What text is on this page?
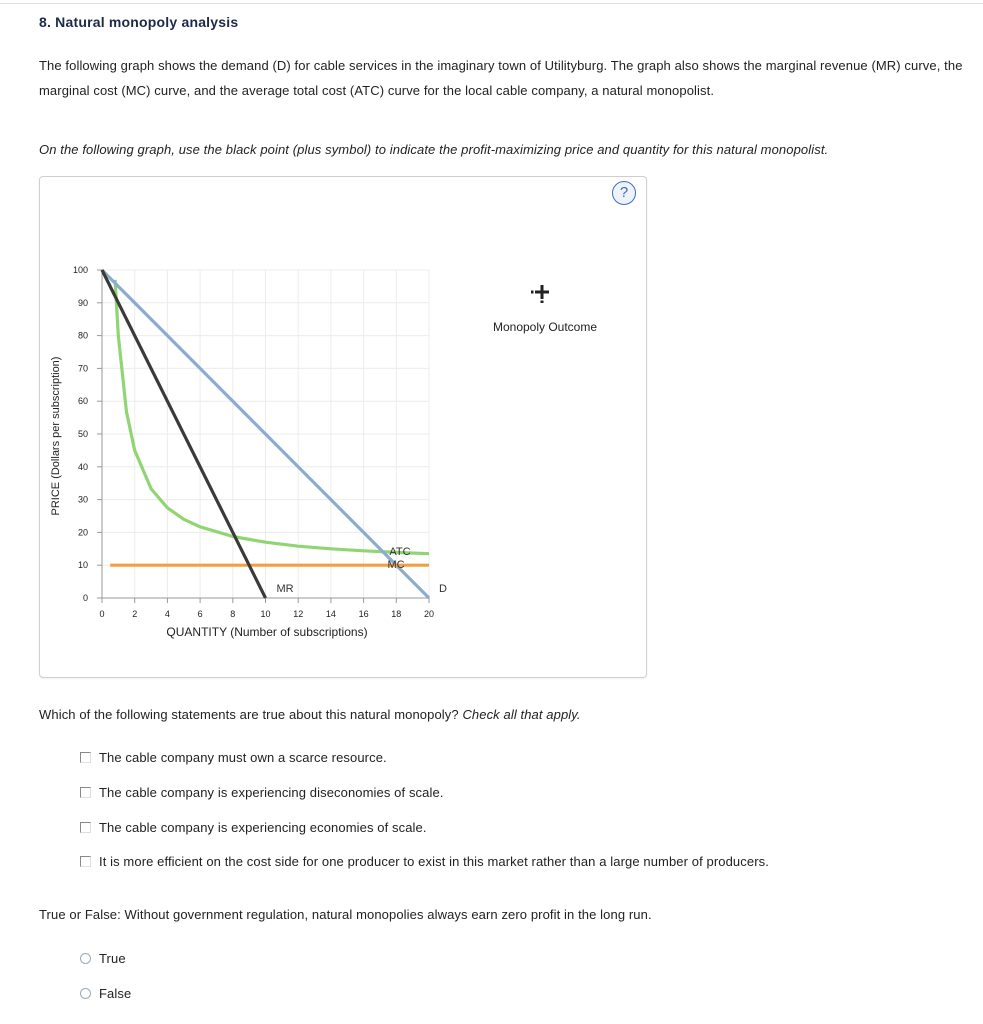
8. Natural monopoly analysis
The following graph shows the demand (D) for cable services in the imaginary town of Utilityburg. The graph also shows the marginal revenue (MR) curve, the marginal cost (MC) curve, and the average total cost (ATC) curve for the local cable company, a natural monopolist.
On the following graph, use the black point (plus symbol) to indicate the profit-maximizing price and quantity for this natural monopolist.
?
0
10
20
30
40
50
60
70
80
90
100
0	2	4	6	8	10	12	14	16	18	20
PRICE (Dollars per subscription)
QUANTITY (Number of subscriptions)
ATC
MC
MR	D
Monopoly Outcome
Which of the following statements are true about this natural monopoly? Check all that apply.
The cable company must own a scarce resource.
The cable company is experiencing diseconomies of scale.
The cable company is experiencing economies of scale.
It is more efficient on the cost side for one producer to exist in this market rather than a large number of producers.
True or False: Without government regulation, natural monopolies always earn zero profit in the long run.
True
False
